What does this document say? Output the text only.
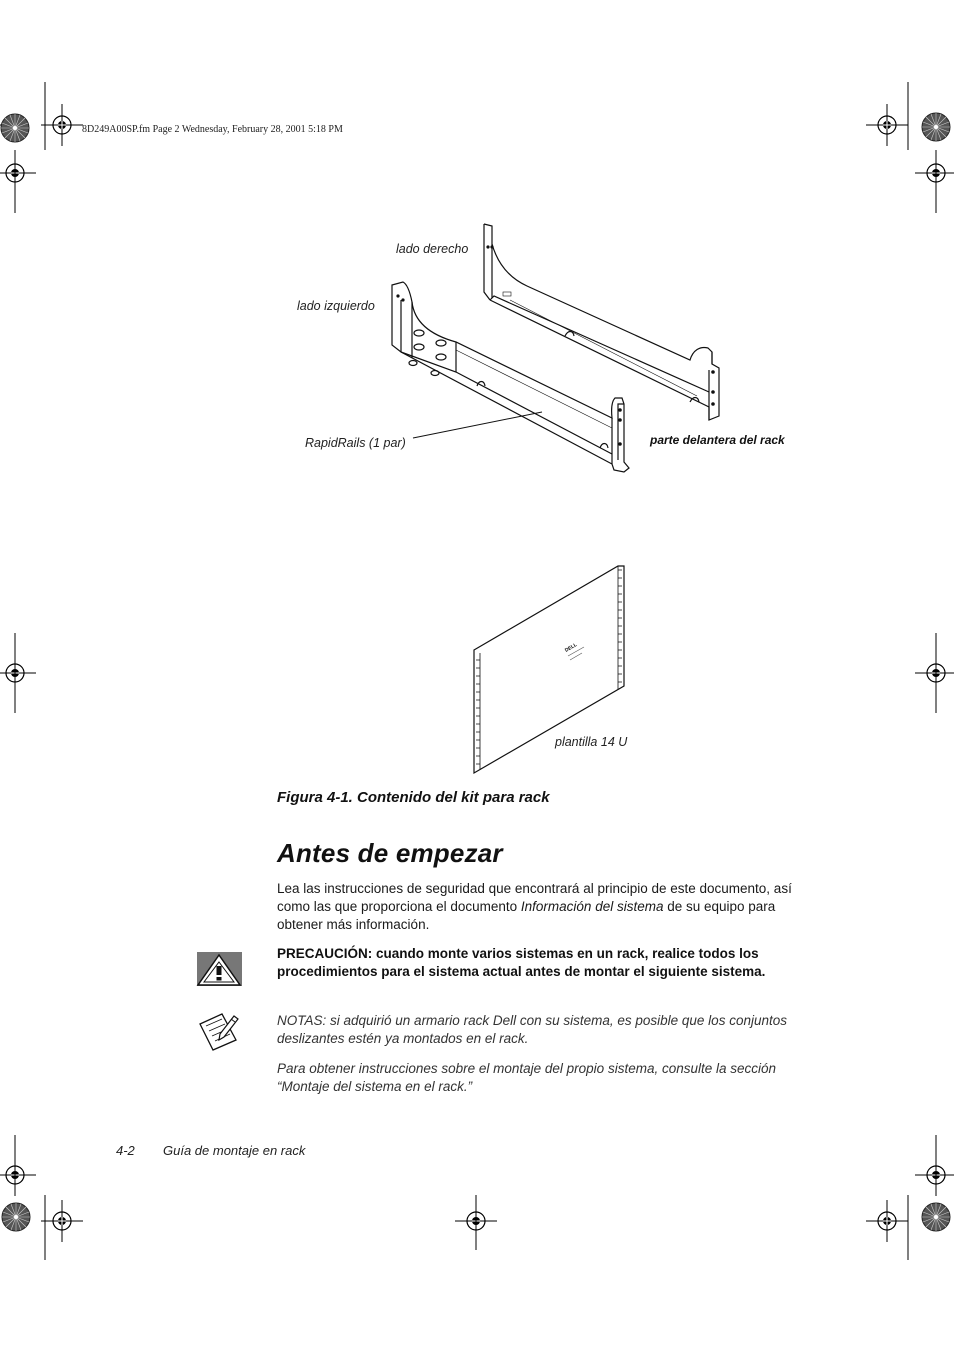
DELL
8D249A00SP.fm Page 2 Wednesday, February 28, 2001 5:18 PM
lado derecho
lado izquierdo
RapidRails (1 par)	parte delantera del rack
plantilla 14 U
Figura 4-1. Contenido del kit para rack
Antes de empezar

Lea las instrucciones de seguridad que encontrará al principio de este documento, así como las que proporciona el documento Información del sistema de su equipo para obtener más información.

PRECAUCIÓN: cuando monte varios sistemas en un rack, realice todos los procedimientos para el sistema actual antes de montar el siguiente sistema.

NOTAS: si adquirió un armario rack Dell con su sistema, es posible que los conjuntos deslizantes estén ya montados en el rack.

Para obtener instrucciones sobre el montaje del propio sistema, consulte la sección “Montaje del sistema en el rack.”

4-2 Guía de montaje en rack
